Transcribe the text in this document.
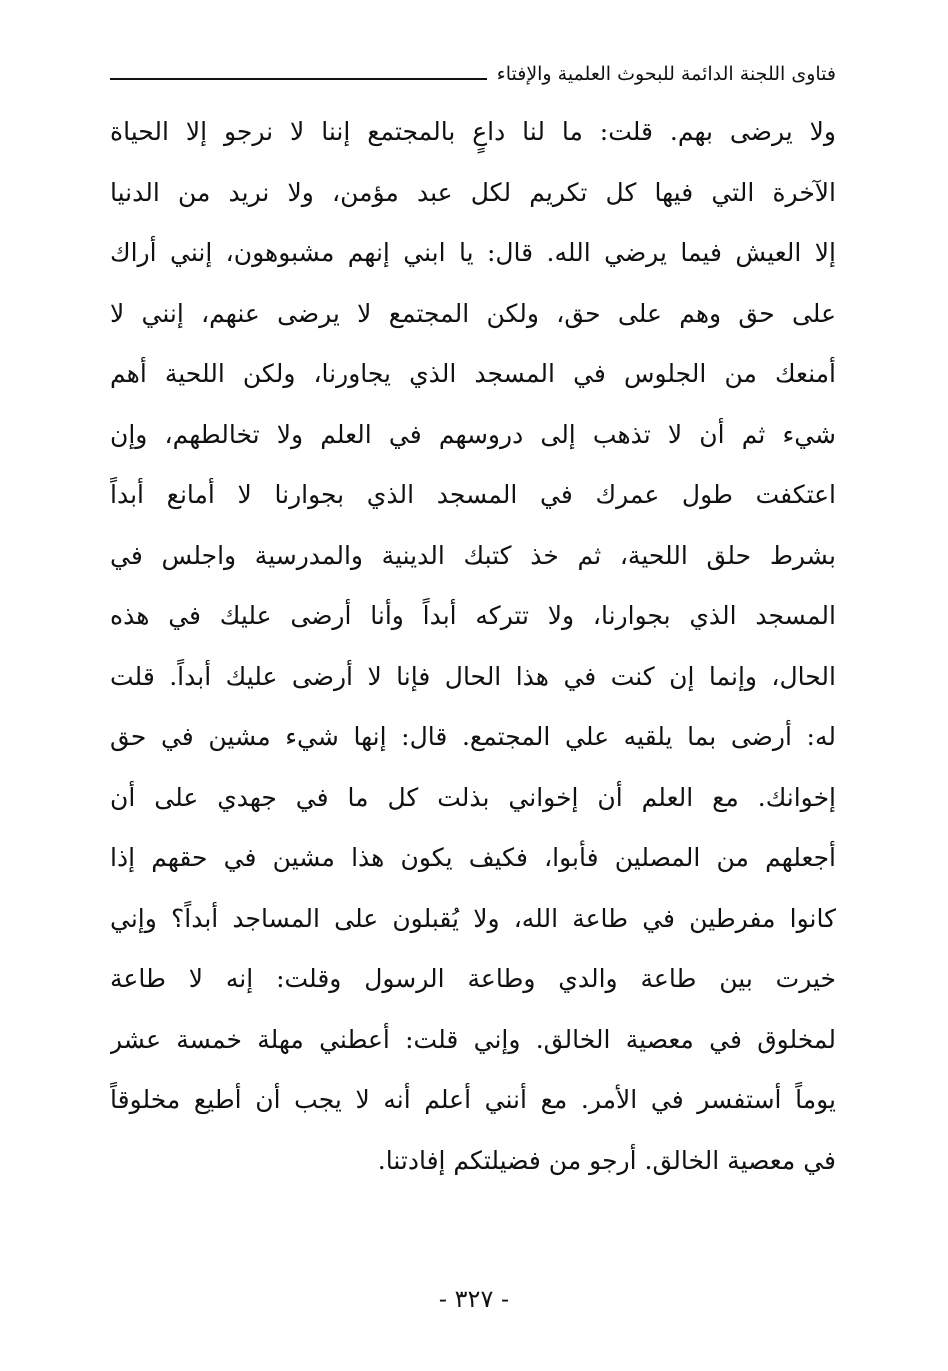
فتاوى اللجنة الدائمة للبحوث العلمية والإفتاء
ولا يرضى بهم. قلت: ما لنا داعٍ بالمجتمع إننا لا نرجو إلا الحياة
الآخرة التي فيها كل تكريم لكل عبد مؤمن، ولا نريد من الدنيا
إلا العيش فيما يرضي الله. قال: يا ابني إنهم مشبوهون، إنني أراك
على حق وهم على حق، ولكن المجتمع لا يرضى عنهم، إنني لا
أمنعك من الجلوس في المسجد الذي يجاورنا، ولكن اللحية أهم
شيء ثم أن لا تذهب إلى دروسهم في العلم ولا تخالطهم، وإن
اعتكفت طول عمرك في المسجد الذي بجوارنا لا أمانع أبداً
بشرط حلق اللحية، ثم خذ كتبك الدينية والمدرسية واجلس في
المسجد الذي بجوارنا، ولا تتركه أبداً وأنا أرضى عليك في هذه
الحال، وإنما إن كنت في هذا الحال فإنا لا أرضى عليك أبداً. قلت
له: أرضى بما يلقيه علي المجتمع. قال: إنها شيء مشين في حق
إخوانك. مع العلم أن إخواني بذلت كل ما في جهدي على أن
أجعلهم من المصلين فأبوا، فكيف يكون هذا مشين في حقهم إذا
كانوا مفرطين في طاعة الله، ولا يُقبلون على المساجد أبداً؟ وإني
خيرت بين طاعة والدي وطاعة الرسول وقلت: إنه لا طاعة
لمخلوق في معصية الخالق. وإني قلت: أعطني مهلة خمسة عشر
يوماً أستفسر في الأمر. مع أنني أعلم أنه لا يجب أن أطيع مخلوقاً
في معصية الخالق. أرجو من فضيلتكم إفادتنا.
- ٣٢٧ -
